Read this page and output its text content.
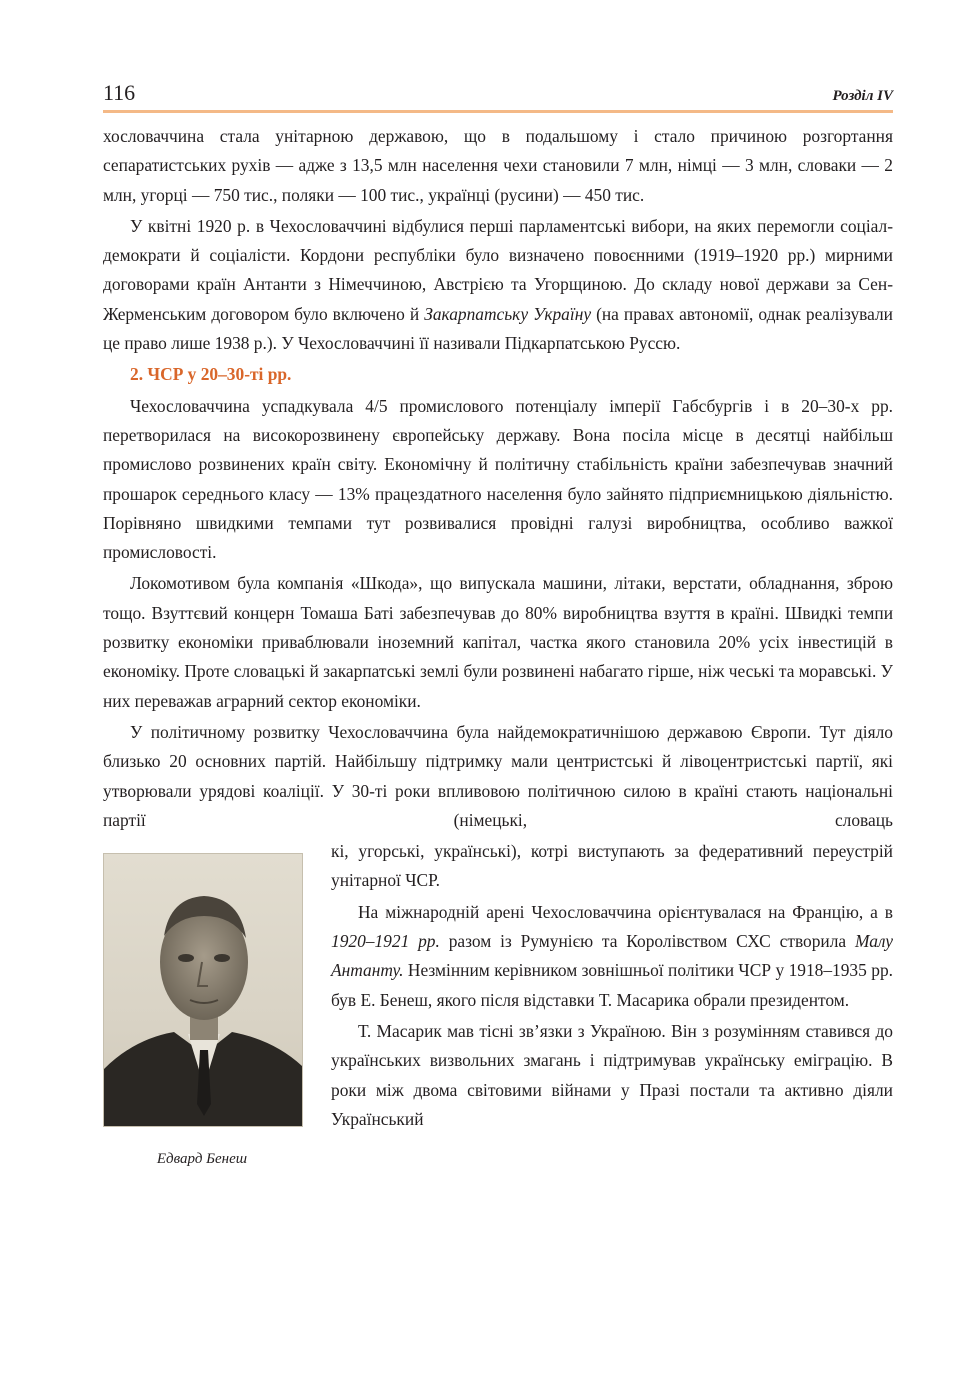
116	Розділ IV

хословаччина стала унітарною державою, що в подальшому і стало причиною розгортання сепаратистських рухів — адже з 13,5 млн населення чехи становили 7 млн, німці — 3 млн, словаки — 2 млн, угорці — 750 тис., поляки — 100 тис., українці (русини) — 450 тис.

У квітні 1920 р. в Чехословаччині відбулися перші парламентські вибори, на яких перемогли соціал-демократи й соціалісти. Кордони республіки було визначено повоєнними (1919–1920 рр.) мирними договорами країн Антанти з Німеччиною, Австрією та Угорщиною. До складу нової держави за Сен-Жерменським договором було включено й Закарпатську Україну (на правах автономії, однак реалізували це право лише 1938 р.). У Чехословаччині її називали Підкарпатською Руссю.

2. ЧСР у 20–30-ті рр.

Чехословаччина успадкувала 4/5 промислового потенціалу імперії Габсбургів і в 20–30-х рр. перетворилася на високорозвинену європейську державу. Вона посіла місце в десятці найбільш промислово розвинених країн світу. Економічну й політичну стабільність країни забезпечував значний прошарок середнього класу — 13% працездатного населення було зайнято підприємницькою діяльністю. Порівняно швидкими темпами тут розвивалися провідні галузі виробництва, особливо важкої промисловості.

Локомотивом була компанія «Шкода», що випускала машини, літаки, верстати, обладнання, зброю тощо. Взуттєвий концерн Томаша Баті забезпечував до 80% виробництва взуття в країні. Швидкі темпи розвитку економіки приваблювали іноземний капітал, частка якого становила 20% усіх інвестицій в економіку. Проте словацькі й закарпатські землі були розвинені набагато гірше, ніж чеські та моравські. У них переважав аграрний сектор економіки.

У політичному розвитку Чехословаччина була найдемократичнішою державою Європи. Тут діяло близько 20 основних партій. Найбільшу підтримку мали центристські й лівоцентристські партії, які утворювали урядові коаліції. У 30-ті роки впливовою політичною силою в країні стають національні партії (німецькі, словаць

Едвард Бенеш

кі, угорські, українські), котрі виступають за федеративний переустрій унітарної ЧСР.

На міжнародній арені Чехословаччина орієнтувалася на Францію, а в 1920–1921 рр. разом із Румунією та Королівством СХС створила Малу Антанту. Незмінним керівником зовнішньої політики ЧСР у 1918–1935 рр. був Е. Бенеш, якого після відставки Т. Масарика обрали президентом.

Т. Масарик мав тісні зв’язки з Україною. Він з розумінням ставився до українських визвольних змагань і підтримував українську еміграцію. В роки між двома світовими війнами у Празі постали та активно діяли Український
